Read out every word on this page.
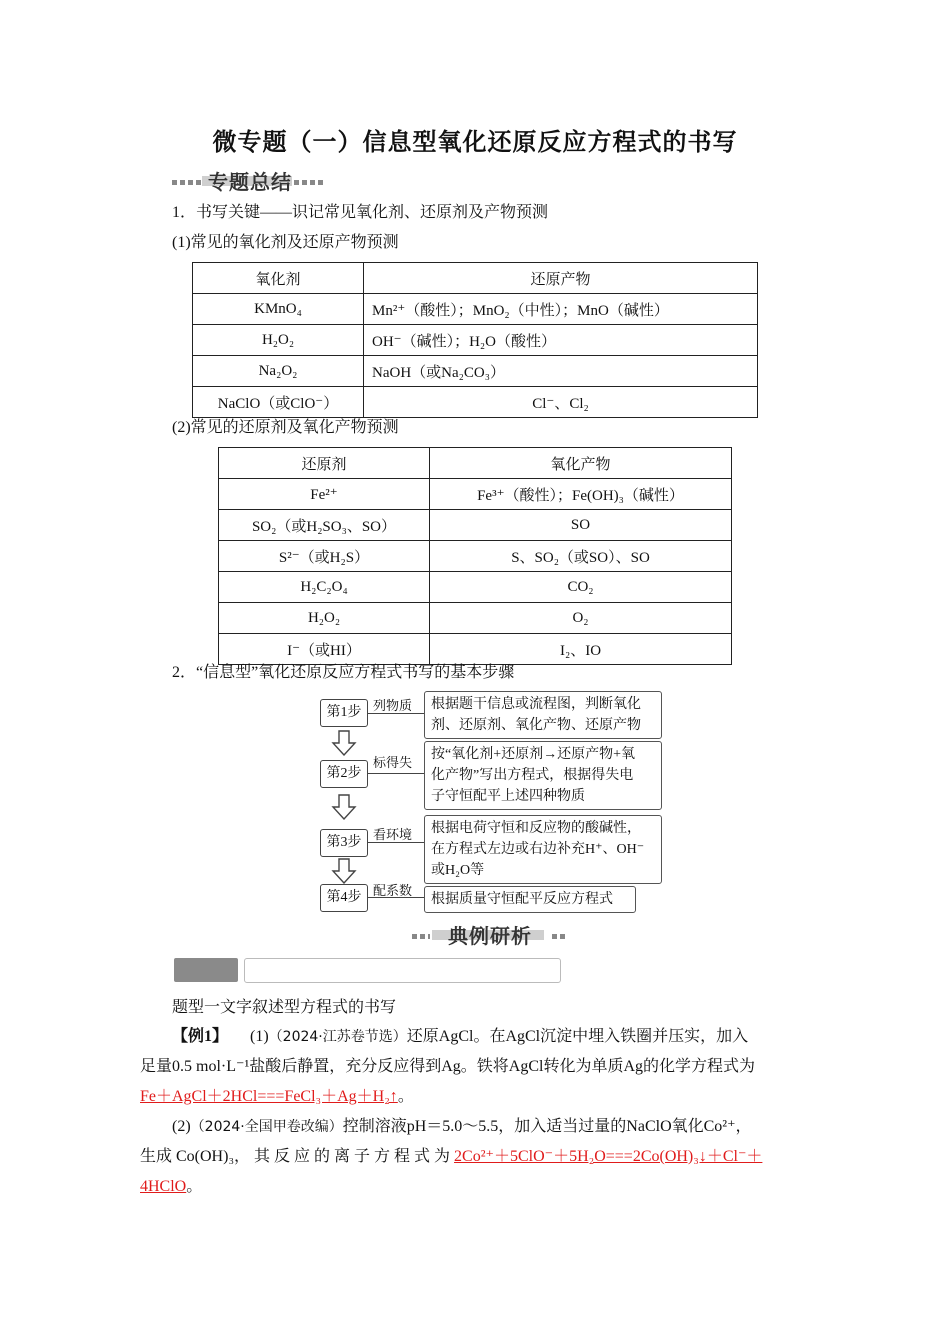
微专题（一）信息型氧化还原反应方程式的书写
专题总结
1．书写关键——识记常见氧化剂、还原剂及产物预测
(1)常见的氧化剂及还原产物预测
氧化剂	还原产物
KMnO₄	Mn²⁺（酸性）；MnO₂（中性）；MnO（碱性）
H₂O₂	OH⁻（碱性）；H₂O（酸性）
Na₂O₂	NaOH（或Na₂CO₃）
NaClO（或ClO⁻）	Cl⁻、Cl₂
(2)常见的还原剂及氧化产物预测
还原剂	氧化产物
Fe²⁺	Fe³⁺（酸性）；Fe(OH)₃（碱性）
SO₂（或H₂SO₃、SO）	SO
S²⁻（或H₂S）	S、SO₂（或SO）、SO
H₂C₂O₄	CO₂
H₂O₂	O₂
I⁻（或HI）	I₂、IO
2．“信息型”氧化还原反应方程式书写的基本步骤
第1步 列物质 根据题干信息或流程图，判断氧化
剂、还原剂、氧化产物、还原产物
第2步
标得失
按“氧化剂+还原剂→还原产物+氧
化产物”写出方程式，根据得失电
子守恒配平上述四种物质
第3步
看环境 根据电荷守恒和反应物的酸碱性，
在方程式左边或右边补充H⁺、OH⁻
或H₂O等
第4步 配系数
根据质量守恒配平反应方程式
典例研析
题型一文字叙述型方程式的书写
【例1】 (1)（2024·江苏卷节选）还原AgCl。在AgCl沉淀中埋入铁圈并压实，加入
足量0.5 mol·L⁻¹盐酸后静置，充分反应得到Ag。铁将AgCl转化为单质Ag的化学方程式为
Fe＋AgCl＋2HCl===FeCl₃＋Ag＋H₂↑。
(2)（2024·全国甲卷改编）控制溶液pH＝5.0～5.5，加入适当过量的NaClO氧化Co²⁺，
生成 Co(OH)₃， 其 反 应 的 离 子 方 程 式 为 2Co²⁺＋5ClO⁻＋5H₂O===2Co(OH)₃↓＋Cl⁻＋
4HClO。
